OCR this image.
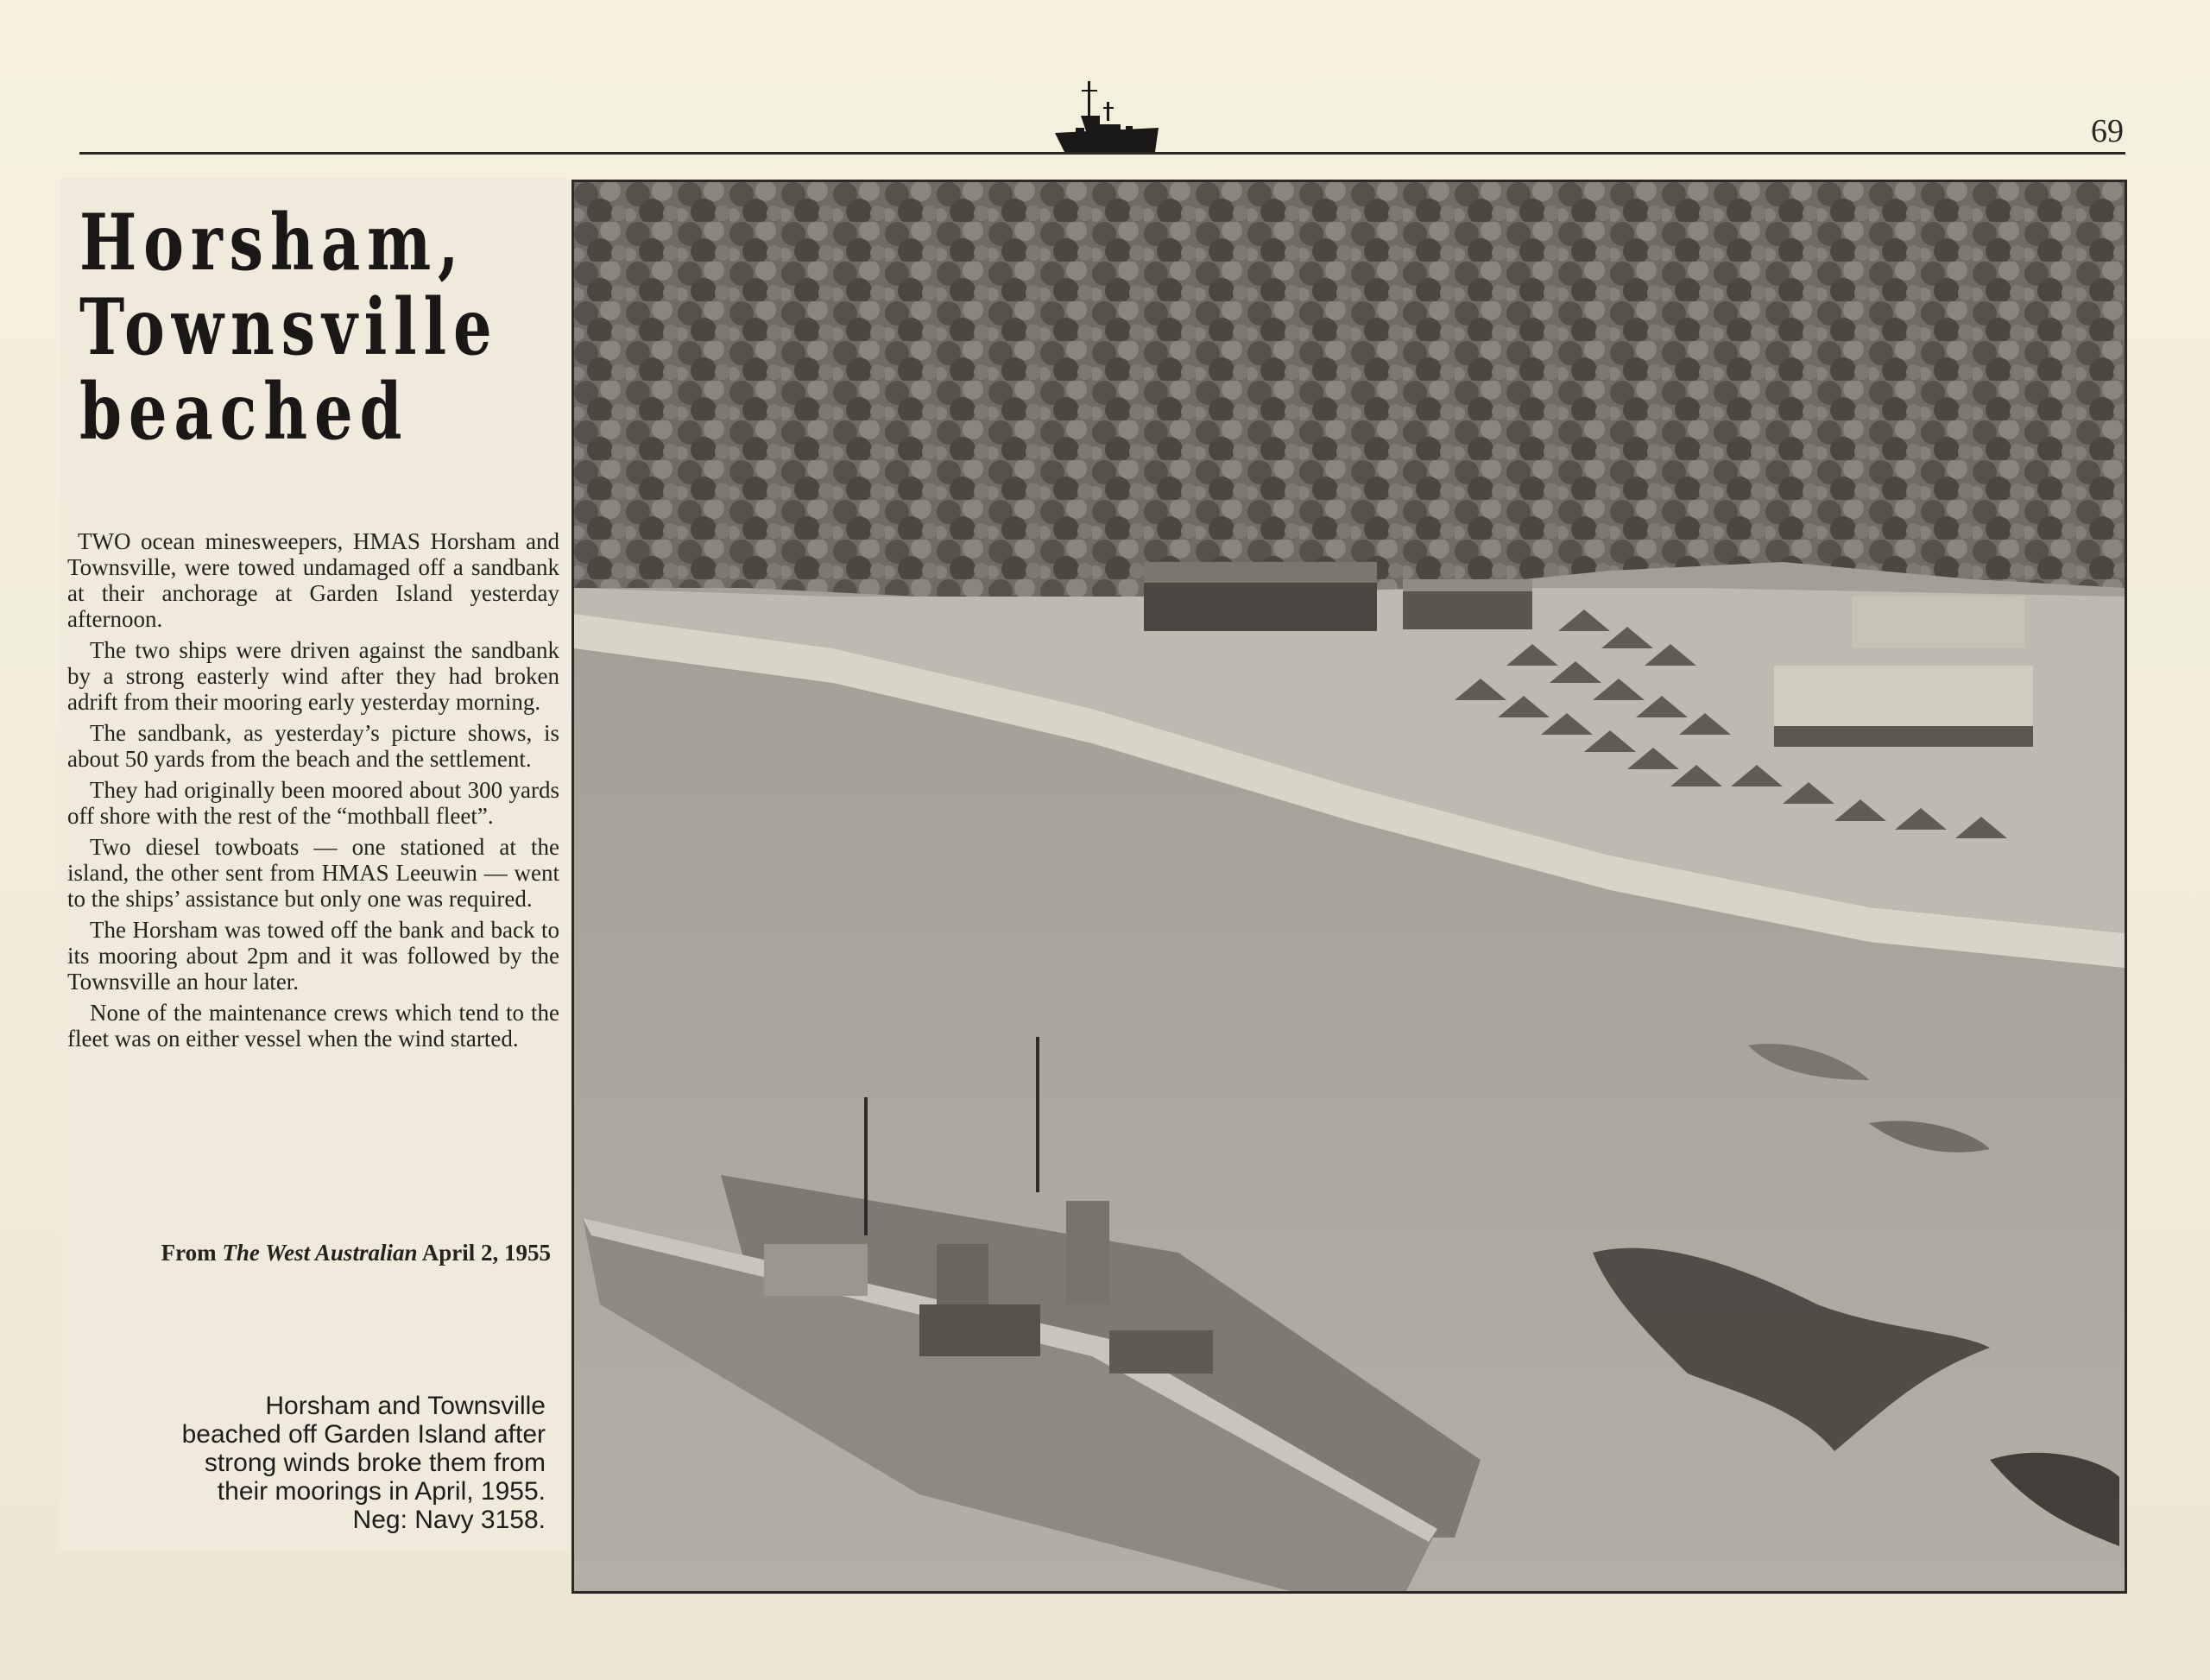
69
Horsham,
Townsville
beached

TWO ocean minesweepers, HMAS Horsham and Townsville, were towed undamaged off a sandbank at their anchorage at Garden Island yesterday afternoon.

The two ships were driven against the sandbank by a strong easterly wind after they had broken adrift from their mooring early yesterday morning.

The sandbank, as yesterday’s picture shows, is about 50 yards from the beach and the settlement.

They had originally been moored about 300 yards off shore with the rest of the “mothball fleet”.

Two diesel towboats — one stationed at the island, the other sent from HMAS Leeuwin — went to the ships’ assistance but only one was required.

The Horsham was towed off the bank and back to its mooring about 2pm and it was followed by the Townsville an hour later.

None of the maintenance crews which tend to the fleet was on either vessel when the wind started.

From The West Australian April 2, 1955
Horsham and Townsville
beached off Garden Island after
strong winds broke them from
their moorings in April, 1955.
Neg: Navy 3158.
